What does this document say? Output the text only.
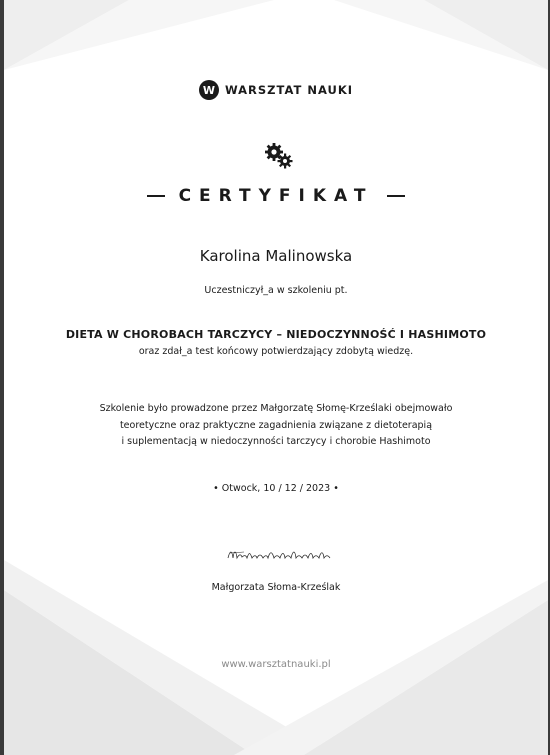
W WARSZTAT NAUKI
CERTYFIKAT
Karolina Malinowska
Uczestniczył_a w szkoleniu pt.
DIETA W CHOROBACH TARCZYCY – NIEDOCZYNNOŚĆ I HASHIMOTO
oraz zdał_a test końcowy potwierdzający zdobytą wiedzę.
Szkolenie było prowadzone przez Małgorzatę Słomę-Krześlaki obejmowało
teoretyczne oraz praktyczne zagadnienia związane z dietoterapią
i suplementacją w niedoczynności tarczycy i chorobie Hashimoto
• Otwock, 10 / 12 / 2023 •
Małgorzata Słoma-Krześlak
www.warsztatnauki.pl
